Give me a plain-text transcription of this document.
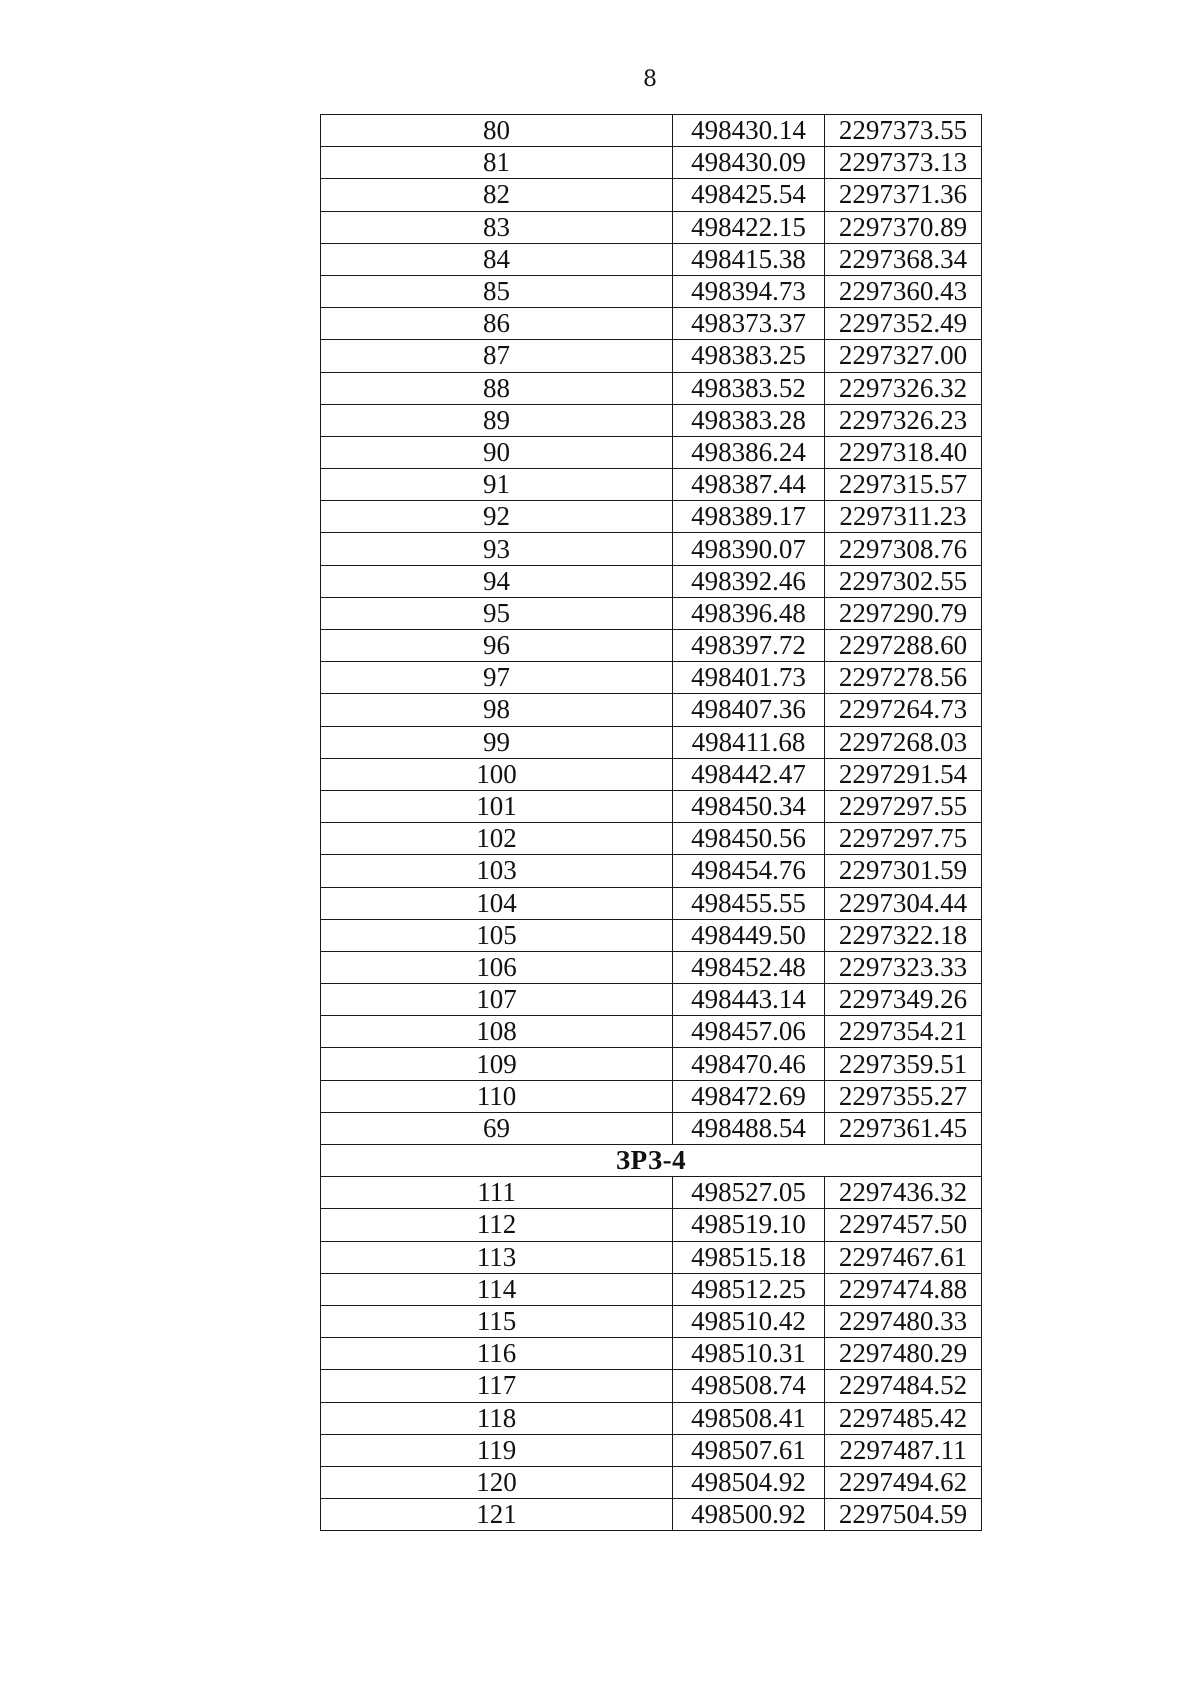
8
80	498430.14	2297373.55
81	498430.09	2297373.13
82	498425.54	2297371.36
83	498422.15	2297370.89
84	498415.38	2297368.34
85	498394.73	2297360.43
86	498373.37	2297352.49
87	498383.25	2297327.00
88	498383.52	2297326.32
89	498383.28	2297326.23
90	498386.24	2297318.40
91	498387.44	2297315.57
92	498389.17	2297311.23
93	498390.07	2297308.76
94	498392.46	2297302.55
95	498396.48	2297290.79
96	498397.72	2297288.60
97	498401.73	2297278.56
98	498407.36	2297264.73
99	498411.68	2297268.03
100	498442.47	2297291.54
101	498450.34	2297297.55
102	498450.56	2297297.75
103	498454.76	2297301.59
104	498455.55	2297304.44
105	498449.50	2297322.18
106	498452.48	2297323.33
107	498443.14	2297349.26
108	498457.06	2297354.21
109	498470.46	2297359.51
110	498472.69	2297355.27
69	498488.54	2297361.45
ЗРЗ-4		
111	498527.05	2297436.32
112	498519.10	2297457.50
113	498515.18	2297467.61
114	498512.25	2297474.88
115	498510.42	2297480.33
116	498510.31	2297480.29
117	498508.74	2297484.52
118	498508.41	2297485.42
119	498507.61	2297487.11
120	498504.92	2297494.62
121	498500.92	2297504.59
